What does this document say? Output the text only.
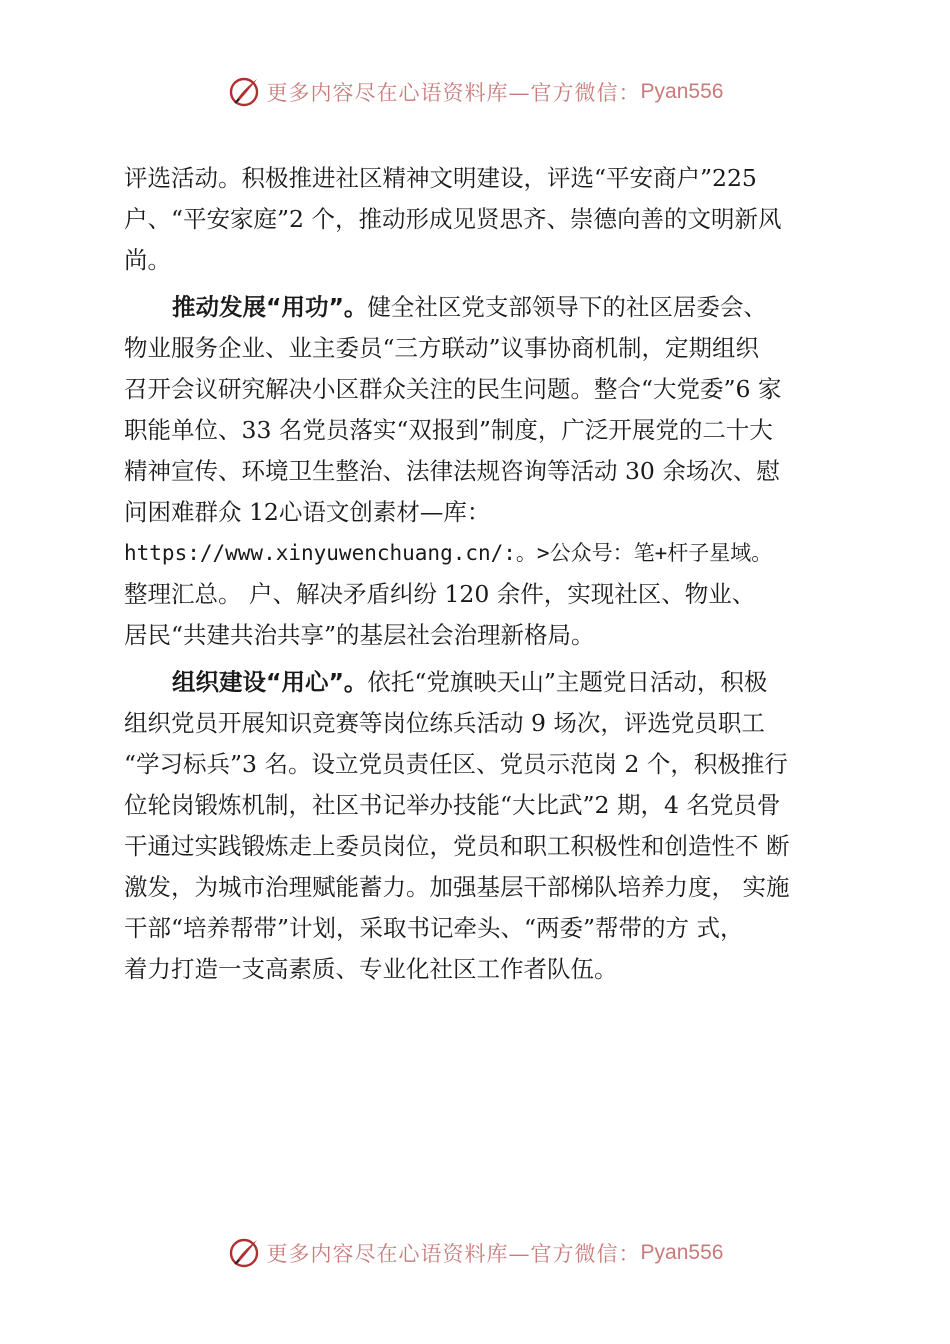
更多内容尽在心语资料库—官方微信： Pyan556
评选活动。积极推进社区精神文明建设，评选“平安商户”225
户、“平安家庭”2 个，推动形成见贤思齐、崇德向善的文明新风
尚。
推动发展“用功”。健全社区党支部领导下的社区居委会、
物业服务企业、业主委员“三方联动”议事协商机制，定期组织
召开会议研究解决小区群众关注的民生问题。整合“大党委”6 家
职能单位、33 名党员落实“双报到”制度，广泛开展党的二十大
精神宣传、环境卫生整治、法律法规咨询等活动 30 余场次、慰
问困难群众 12心语文创素材—库：
https://www.xinyuwenchuang.cn/:。>公众号：笔+杆子星域。
整理汇总。 户、解决矛盾纠纷 120 余件，实现社区、物业、
居民“共建共治共享”的基层社会治理新格局。
组织建设“用心”。依托“党旗映天山”主题党日活动，积极
组织党员开展知识竞赛等岗位练兵活动 9 场次，评选党员职工
“学习标兵”3 名。设立党员责任区、党员示范岗 2 个，积极推行
位轮岗锻炼机制，社区书记举办技能“大比武”2 期，4 名党员骨
干通过实践锻炼走上委员岗位，党员和职工积极性和创造性不 断
激发，为城市治理赋能蓄力。加强基层干部梯队培养力度， 实施
干部“培养帮带”计划，采取书记牵头、“两委”帮带的方 式，
着力打造一支高素质、专业化社区工作者队伍。
更多内容尽在心语资料库—官方微信： Pyan556
